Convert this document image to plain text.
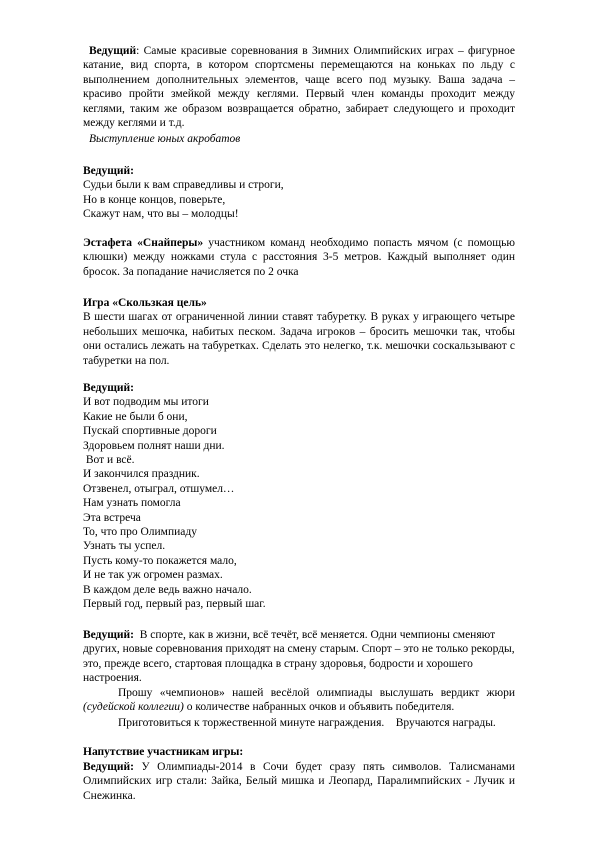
Ведущий: Самые красивые соревнования в Зимних Олимпийских играх – фигурное катание, вид спорта, в котором спортсмены перемещаются на коньках по льду с выполнением дополнительных элементов, чаще всего под музыку. Ваша задача – красиво пройти змейкой между кеглями. Первый член команды проходит между кеглями, таким же образом возвращается обратно, забирает следующего и проходит между кеглями и т.д.
Выступление юных акробатов
Ведущий:
Судьи были к вам справедливы и строги,
Но в конце концов, поверьте,
Скажут нам, что вы – молодцы!
Эстафета «Снайперы» участником команд необходимо попасть мячом (с помощью клюшки) между ножками стула с расстояния 3-5 метров. Каждый выполняет один бросок. За попадание начисляется по 2 очка
Игра «Скользкая цель»
В шести шагах от ограниченной линии ставят табуретку. В руках у играющего четыре небольших мешочка, набитых песком. Задача игроков – бросить мешочки так, чтобы они остались лежать на табуретках. Сделать это нелегко, т.к. мешочки соскальзывают с табуретки на пол.
Ведущий:
И вот подводим мы итоги
Какие не были б они,
Пускай спортивные дороги
Здоровьем полнят наши дни.
Вот и всё.
И закончился праздник.
Отзвенел, отыграл, отшумел…
Нам узнать помогла
Эта встреча
То, что про Олимпиаду
Узнать ты успел.
Пусть кому-то покажется мало,
И не так уж огромен размах.
В каждом деле ведь важно начало.
Первый год, первый раз, первый шаг.
Ведущий:  В спорте, как в жизни, всё течёт, всё меняется. Одни чемпионы сменяют
других, новые соревнования приходят на смену старым. Спорт – это не только рекорды,
это, прежде всего, стартовая площадка в страну здоровья, бодрости и хорошего
настроения.
Прошу «чемпионов» нашей весёлой олимпиады выслушать вердикт жюри (судейской коллегии) о количестве набранных очков и объявить победителя.
Приготовиться к торжественной минуте награждения.    Вручаются награды.
Напутствие участникам игры:
Ведущий: У Олимпиады-2014 в Сочи будет сразу пять символов. Талисманами Олимпийских игр стали: Зайка, Белый мишка и Леопард, Паралимпийских - Лучик и Снежинка.
